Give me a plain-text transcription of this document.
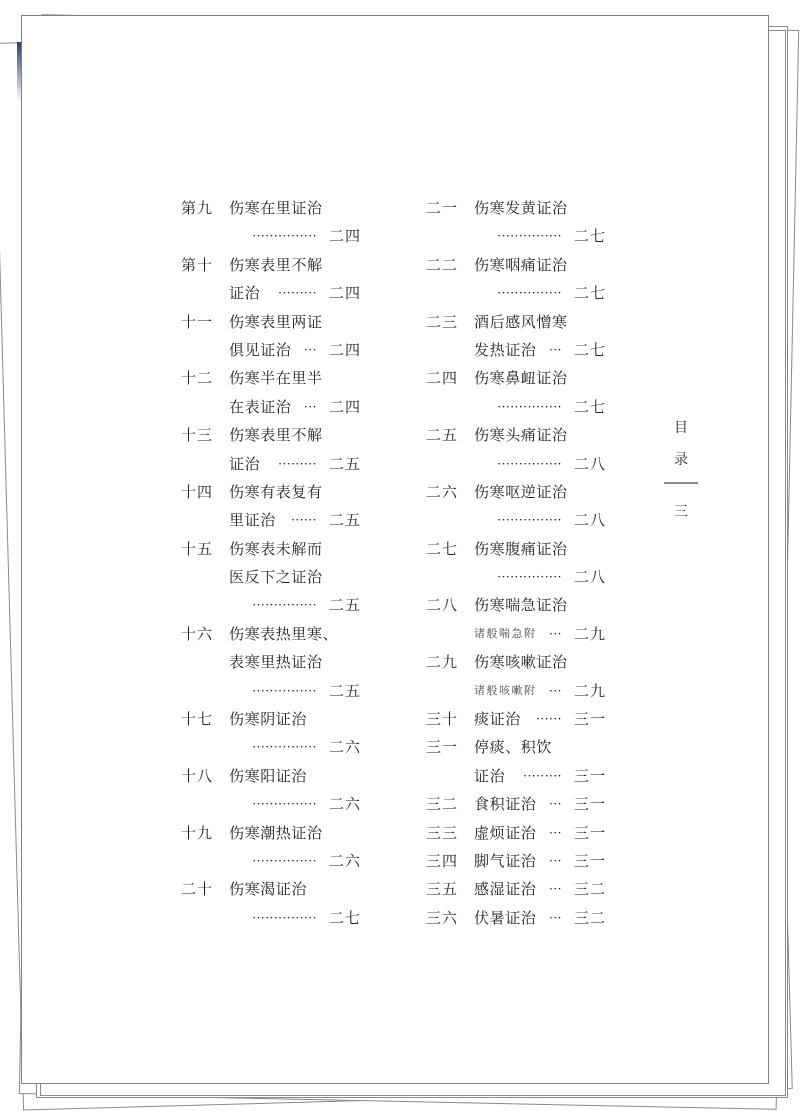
第九	伤寒在里证治
··············· 二四
第十	伤寒表里不解
证治 ········· 二四
十一	伤寒表里两证
俱见证治 ··· 二四
十二	伤寒半在里半
在表证治 ··· 二四
十三	伤寒表里不解
证治 ········· 二五
十四	伤寒有表复有
里证治 ······ 二五
十五	伤寒表未解而
医反下之证治
··············· 二五
十六	伤寒表热里寒、
表寒里热证治
··············· 二五
十七	伤寒阴证治
··············· 二六
十八	伤寒阳证治
··············· 二六
十九	伤寒潮热证治
··············· 二六
二十	伤寒渴证治
··············· 二七
二一	伤寒发黄证治
··············· 二七
二二	伤寒咽痛证治
··············· 二七
二三	酒后感风憎寒
发热证治 ··· 二七
二四	伤寒鼻衄证治
··············· 二七
二五	伤寒头痛证治
··············· 二八
二六	伤寒呕逆证治
··············· 二八
二七	伤寒腹痛证治
··············· 二八
二八	伤寒喘急证治
诸般喘急附 ··· 二九
二九	伤寒咳嗽证治
诸般咳嗽附 ··· 二九
三十	痰证治 ······ 三一
三一	停痰、积饮
证治 ········· 三一
三二	食积证治 ··· 三一
三三	虚烦证治 ··· 三一
三四	脚气证治 ··· 三一
三五	感湿证治 ··· 三二
三六	伏暑证治 ··· 三二
目
录
三
